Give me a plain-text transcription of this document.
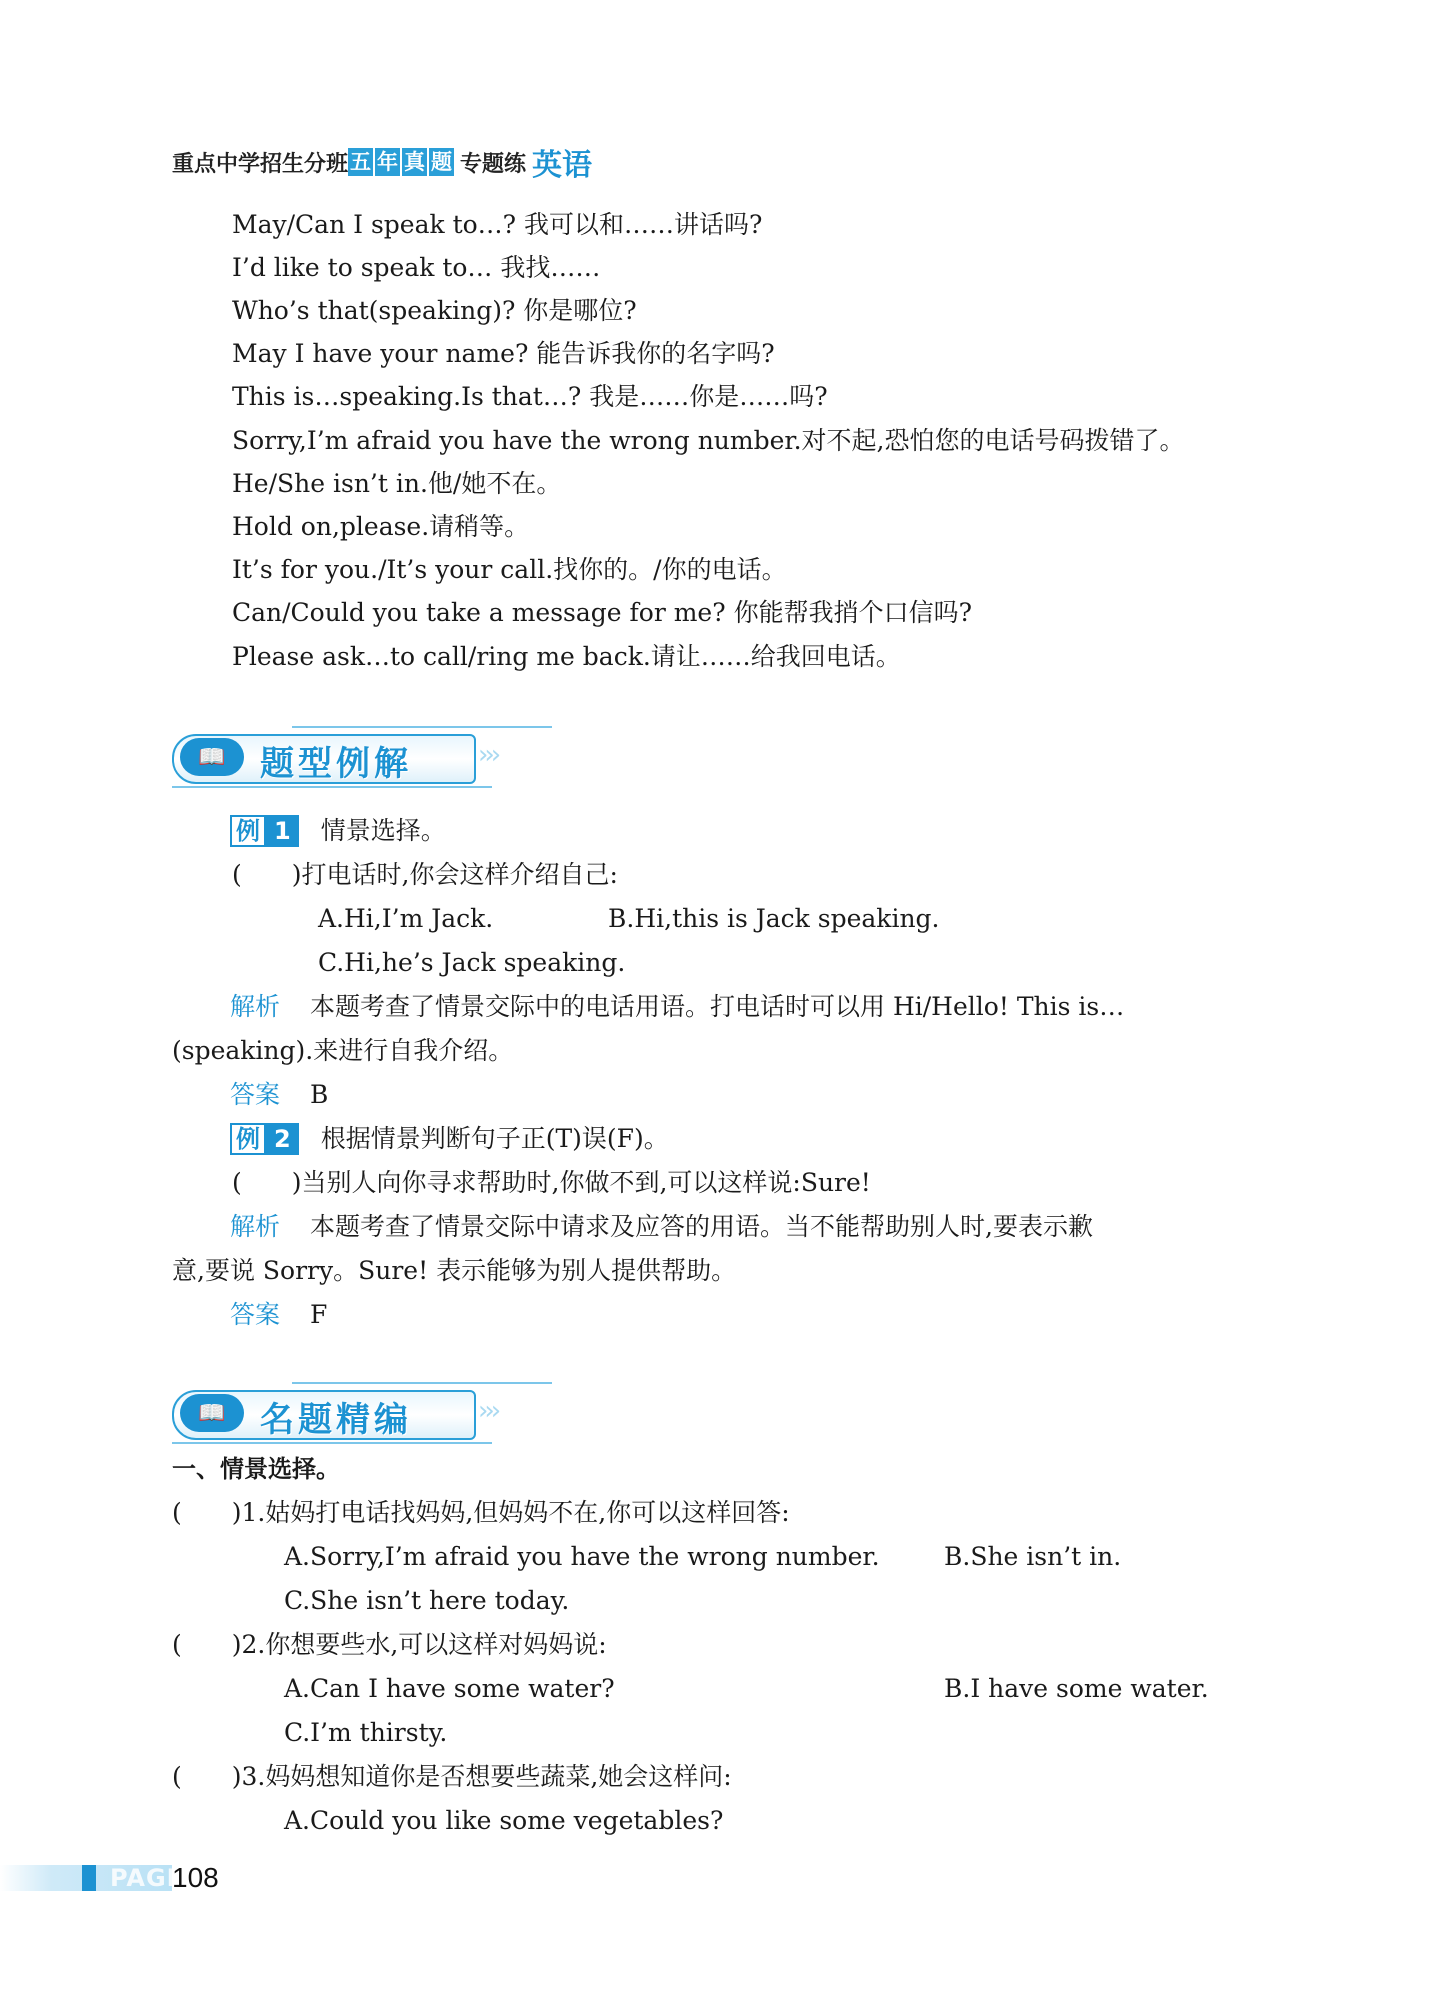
重点中学招生分班 五 年 真 题 专题练 英语
May/Can I speak to…? 我可以和……讲话吗?
I’d like to speak to… 我找……
Who’s that(speaking)? 你是哪位?
May I have your name? 能告诉我你的名字吗?
This is…speaking.Is that…? 我是……你是……吗?
Sorry,I’m afraid you have the wrong number.对不起,恐怕您的电话号码拨错了。
He/She isn’t in.他/她不在。
Hold on,please.请稍等。
It’s for you./It’s your call.找你的。/你的电话。
Can/Could you take a message for me? 你能帮我捎个口信吗?
Please ask…to call/ring me back.请让……给我回电话。
📖	题型例解	›››
例 1 情景选择。
(　　)打电话时,你会这样介绍自己:
A.Hi,I’m Jack.	B.Hi,this is Jack speaking.
C.Hi,he’s Jack speaking.
解析 本题考查了情景交际中的电话用语。打电话时可以用 Hi/Hello! This is…
(speaking).来进行自我介绍。
答案 B
例 2 根据情景判断句子正(T)误(F)。
(　　)当别人向你寻求帮助时,你做不到,可以这样说:Sure!
解析 本题考查了情景交际中请求及应答的用语。当不能帮助别人时,要表示歉
意,要说 Sorry。Sure! 表示能够为别人提供帮助。
答案 F
📖	名题精编	›››
一、情景选择。
(　　)1.姑妈打电话找妈妈,但妈妈不在,你可以这样回答:
A.Sorry,I’m afraid you have the wrong number.	B.She isn’t in.
C.She isn’t here today.
(　　)2.你想要些水,可以这样对妈妈说:
A.Can I have some water?	B.I have some water.
C.I’m thirsty.
(　　)3.妈妈想知道你是否想要些蔬菜,她会这样问:
A.Could you like some vegetables?
PAGE
108
